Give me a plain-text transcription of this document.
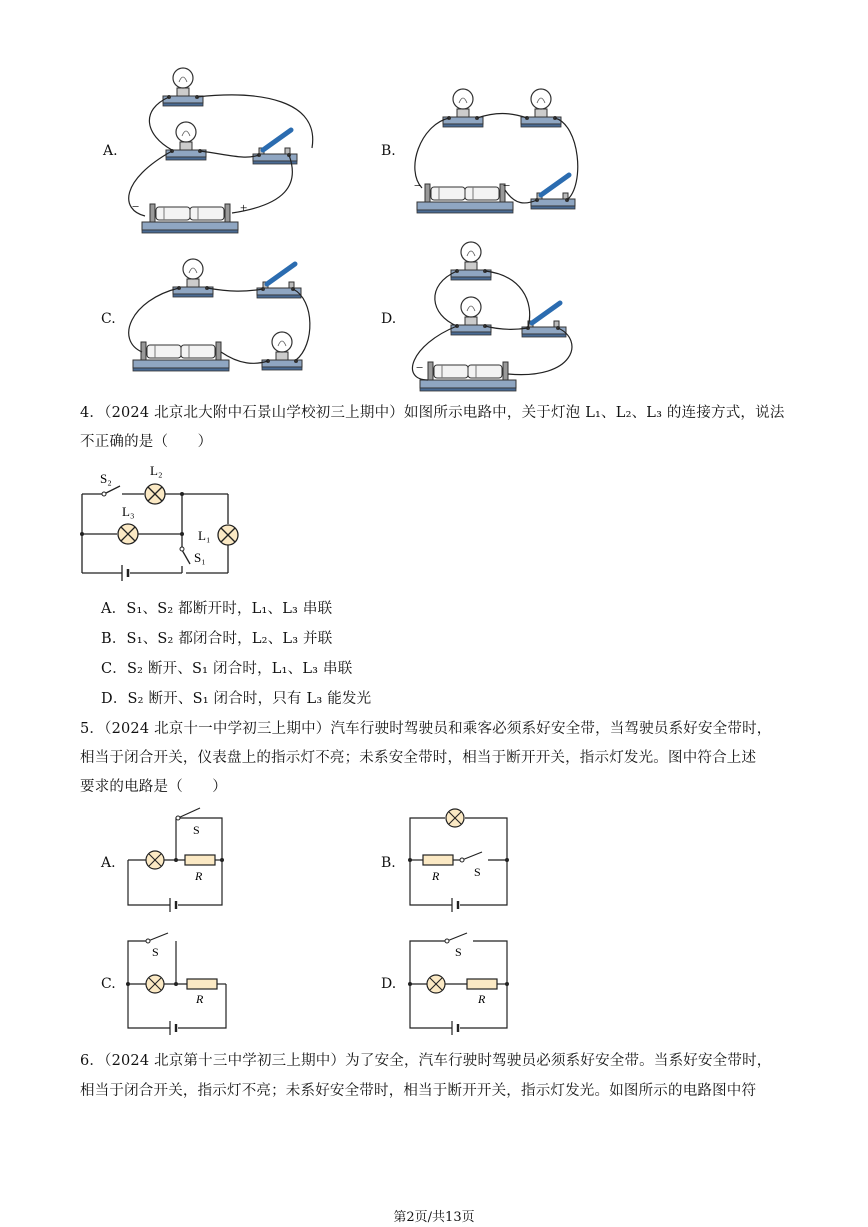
A.	B.
C.	D.
−	+
−	−
−
4．（2024 北京北大附中石景山学校初三上期中）如图所示电路中，关于灯泡 L₁、L₂、L₃ 的连接方式，说法
不正确的是（　　）
S₂
L₂
L₃
L₁
S₁
A．S₁、S₂ 都断开时，L₁、L₃ 串联
B．S₁、S₂ 都闭合时，L₂、L₃ 并联
C．S₂ 断开、S₁ 闭合时，L₁、L₃ 串联
D．S₂ 断开、S₁ 闭合时，只有 L₃ 能发光
5．（2024 北京十一中学初三上期中）汽车行驶时驾驶员和乘客必须系好安全带，当驾驶员系好安全带时，
相当于闭合开关，仪表盘上的指示灯不亮；未系安全带时，相当于断开开关，指示灯发光。图中符合上述
要求的电路是（　　）
A.	B.
C.	D.
S
R	S
R
S
R
S
R
6．（2024 北京第十三中学初三上期中）为了安全，汽车行驶时驾驶员必须系好安全带。当系好安全带时，
相当于闭合开关，指示灯不亮；未系好安全带时，相当于断开开关，指示灯发光。如图所示的电路图中符
第2页/共13页
